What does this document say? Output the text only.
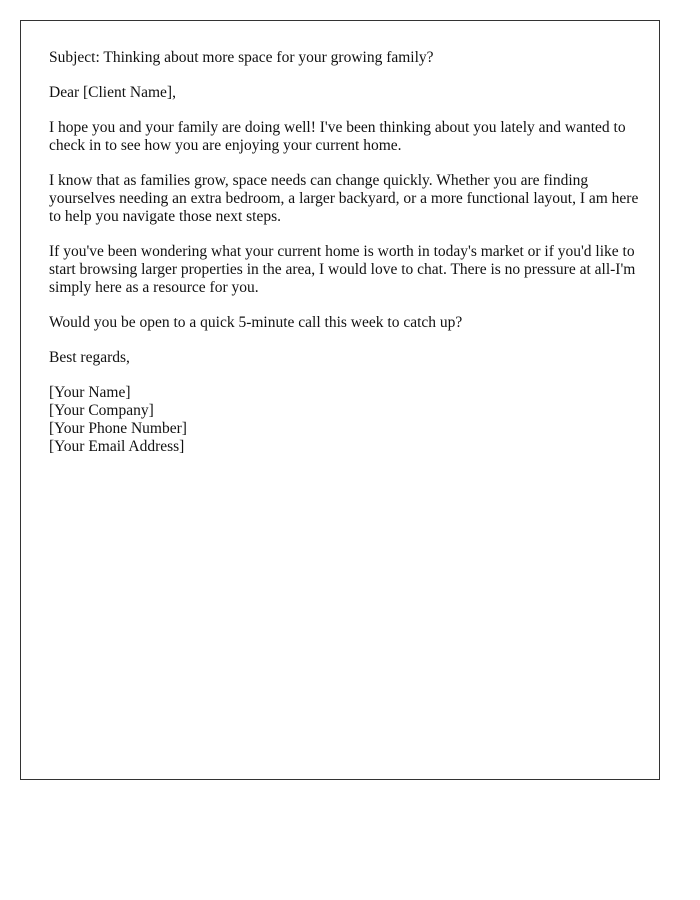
Subject: Thinking about more space for your growing family?

Dear [Client Name],

I hope you and your family are doing well! I've been thinking about you lately and wanted to check in to see how you are enjoying your current home.

I know that as families grow, space needs can change quickly. Whether you are finding yourselves needing an extra bedroom, a larger backyard, or a more functional layout, I am here to help you navigate those next steps.

If you've been wondering what your current home is worth in today's market or if you'd like to start browsing larger properties in the area, I would love to chat. There is no pressure at all-I'm simply here as a resource for you.

Would you be open to a quick 5-minute call this week to catch up?

Best regards,

[Your Name]
[Your Company]
[Your Phone Number]
[Your Email Address]
